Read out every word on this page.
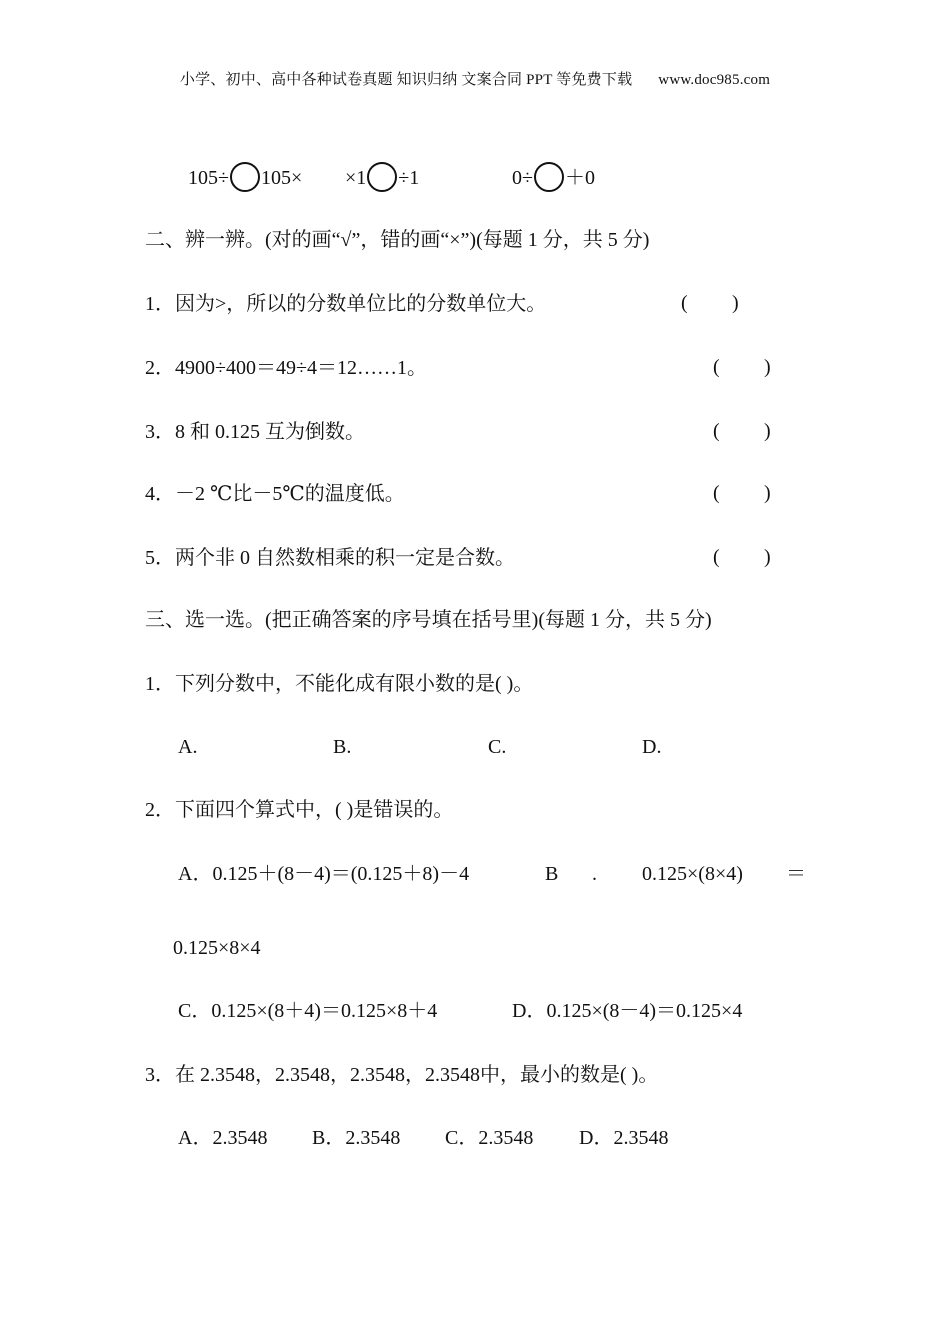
小学、初中、高中各种试卷真题 知识归纳 文案合同 PPT 等免费下载 www.doc985.com
105÷ 105× ×1 ÷1	0÷ ＋0
二、辨一辨。(对的画“√”，错的画“×”)(每题 1 分，共 5 分)
1．因为>，所以的分数单位比的分数单位大。	( )
2．4900÷400＝49÷4＝12……1。	( )
3．8 和 0.125 互为倒数。	( )
4．－2 ℃比－5℃的温度低。	( )
5．两个非 0 自然数相乘的积一定是合数。	( )
三、选一选。(把正确答案的序号填在括号里)(每题 1 分，共 5 分)
1．下列分数中，不能化成有限小数的是( )。
A.	B.	C.	D.
2．下面四个算式中，( )是错误的。
A．0.125＋(8－4)＝(0.125＋8)－4	B . 0.125×(8×4) ＝
0.125×8×4
C．0.125×(8＋4)＝0.125×8＋4	D．0.125×(8－4)＝0.125×4
3．在 2.3548，2.3548，2.3548，2.3548中，最小的数是( )。
A．2.3548 B．2.3548 C．2.3548 D．2.3548
